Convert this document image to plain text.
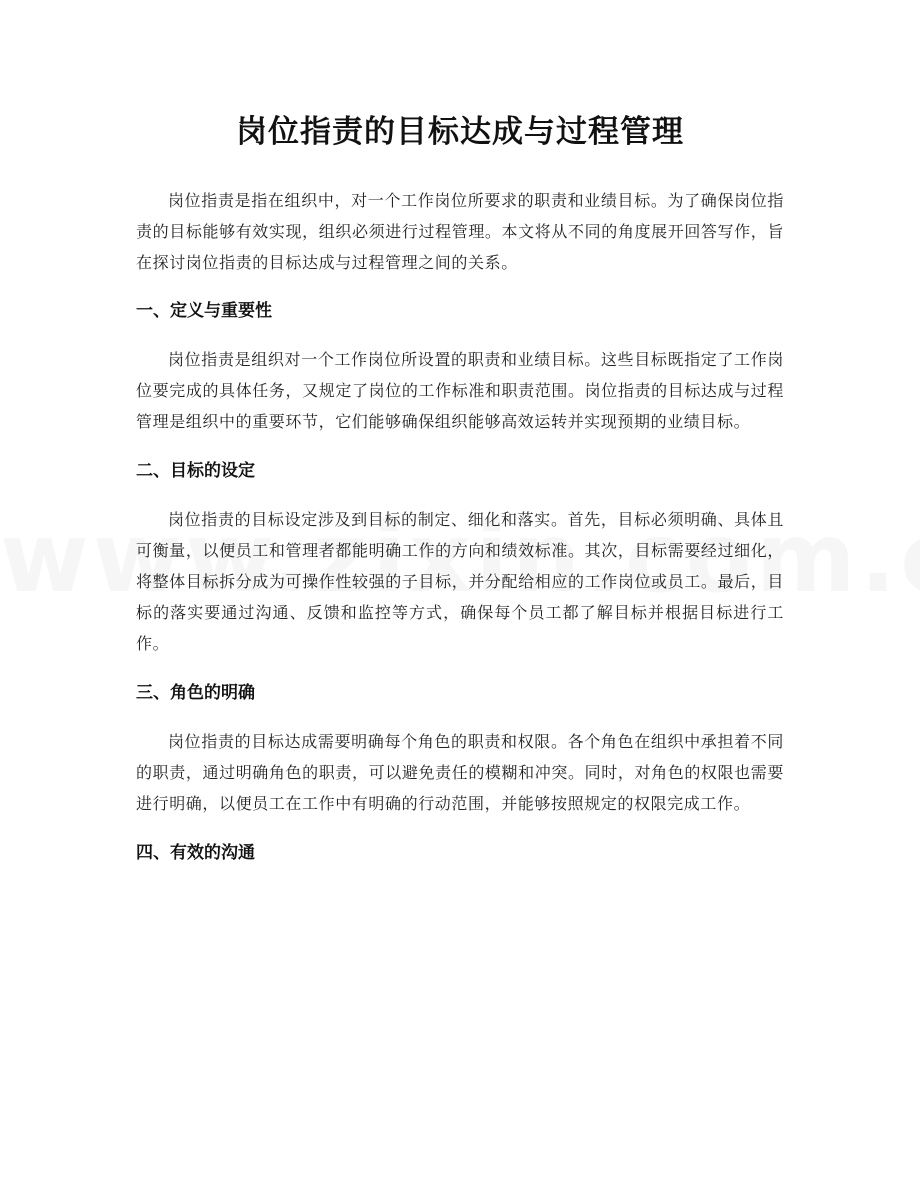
岗位指责的目标达成与过程管理

岗位指责是指在组织中，对一个工作岗位所要求的职责和业绩目标。为了确保岗位指责的目标能够有效实现，组织必须进行过程管理。本文将从不同的角度展开回答写作，旨在探讨岗位指责的目标达成与过程管理之间的关系。

一、定义与重要性

岗位指责是组织对一个工作岗位所设置的职责和业绩目标。这些目标既指定了工作岗位要完成的具体任务，又规定了岗位的工作标准和职责范围。岗位指责的目标达成与过程管理是组织中的重要环节，它们能够确保组织能够高效运转并实现预期的业绩目标。

二、目标的设定

岗位指责的目标设定涉及到目标的制定、细化和落实。首先，目标必须明确、具体且可衡量，以便员工和管理者都能明确工作的方向和绩效标准。其次，目标需要经过细化，将整体目标拆分成为可操作性较强的子目标，并分配给相应的工作岗位或员工。最后，目标的落实要通过沟通、反馈和监控等方式，确保每个员工都了解目标并根据目标进行工作。

三、角色的明确

岗位指责的目标达成需要明确每个角色的职责和权限。各个角色在组织中承担着不同的职责，通过明确角色的职责，可以避免责任的模糊和冲突。同时，对角色的权限也需要进行明确，以便员工在工作中有明确的行动范围，并能够按照规定的权限完成工作。

四、有效的沟通
